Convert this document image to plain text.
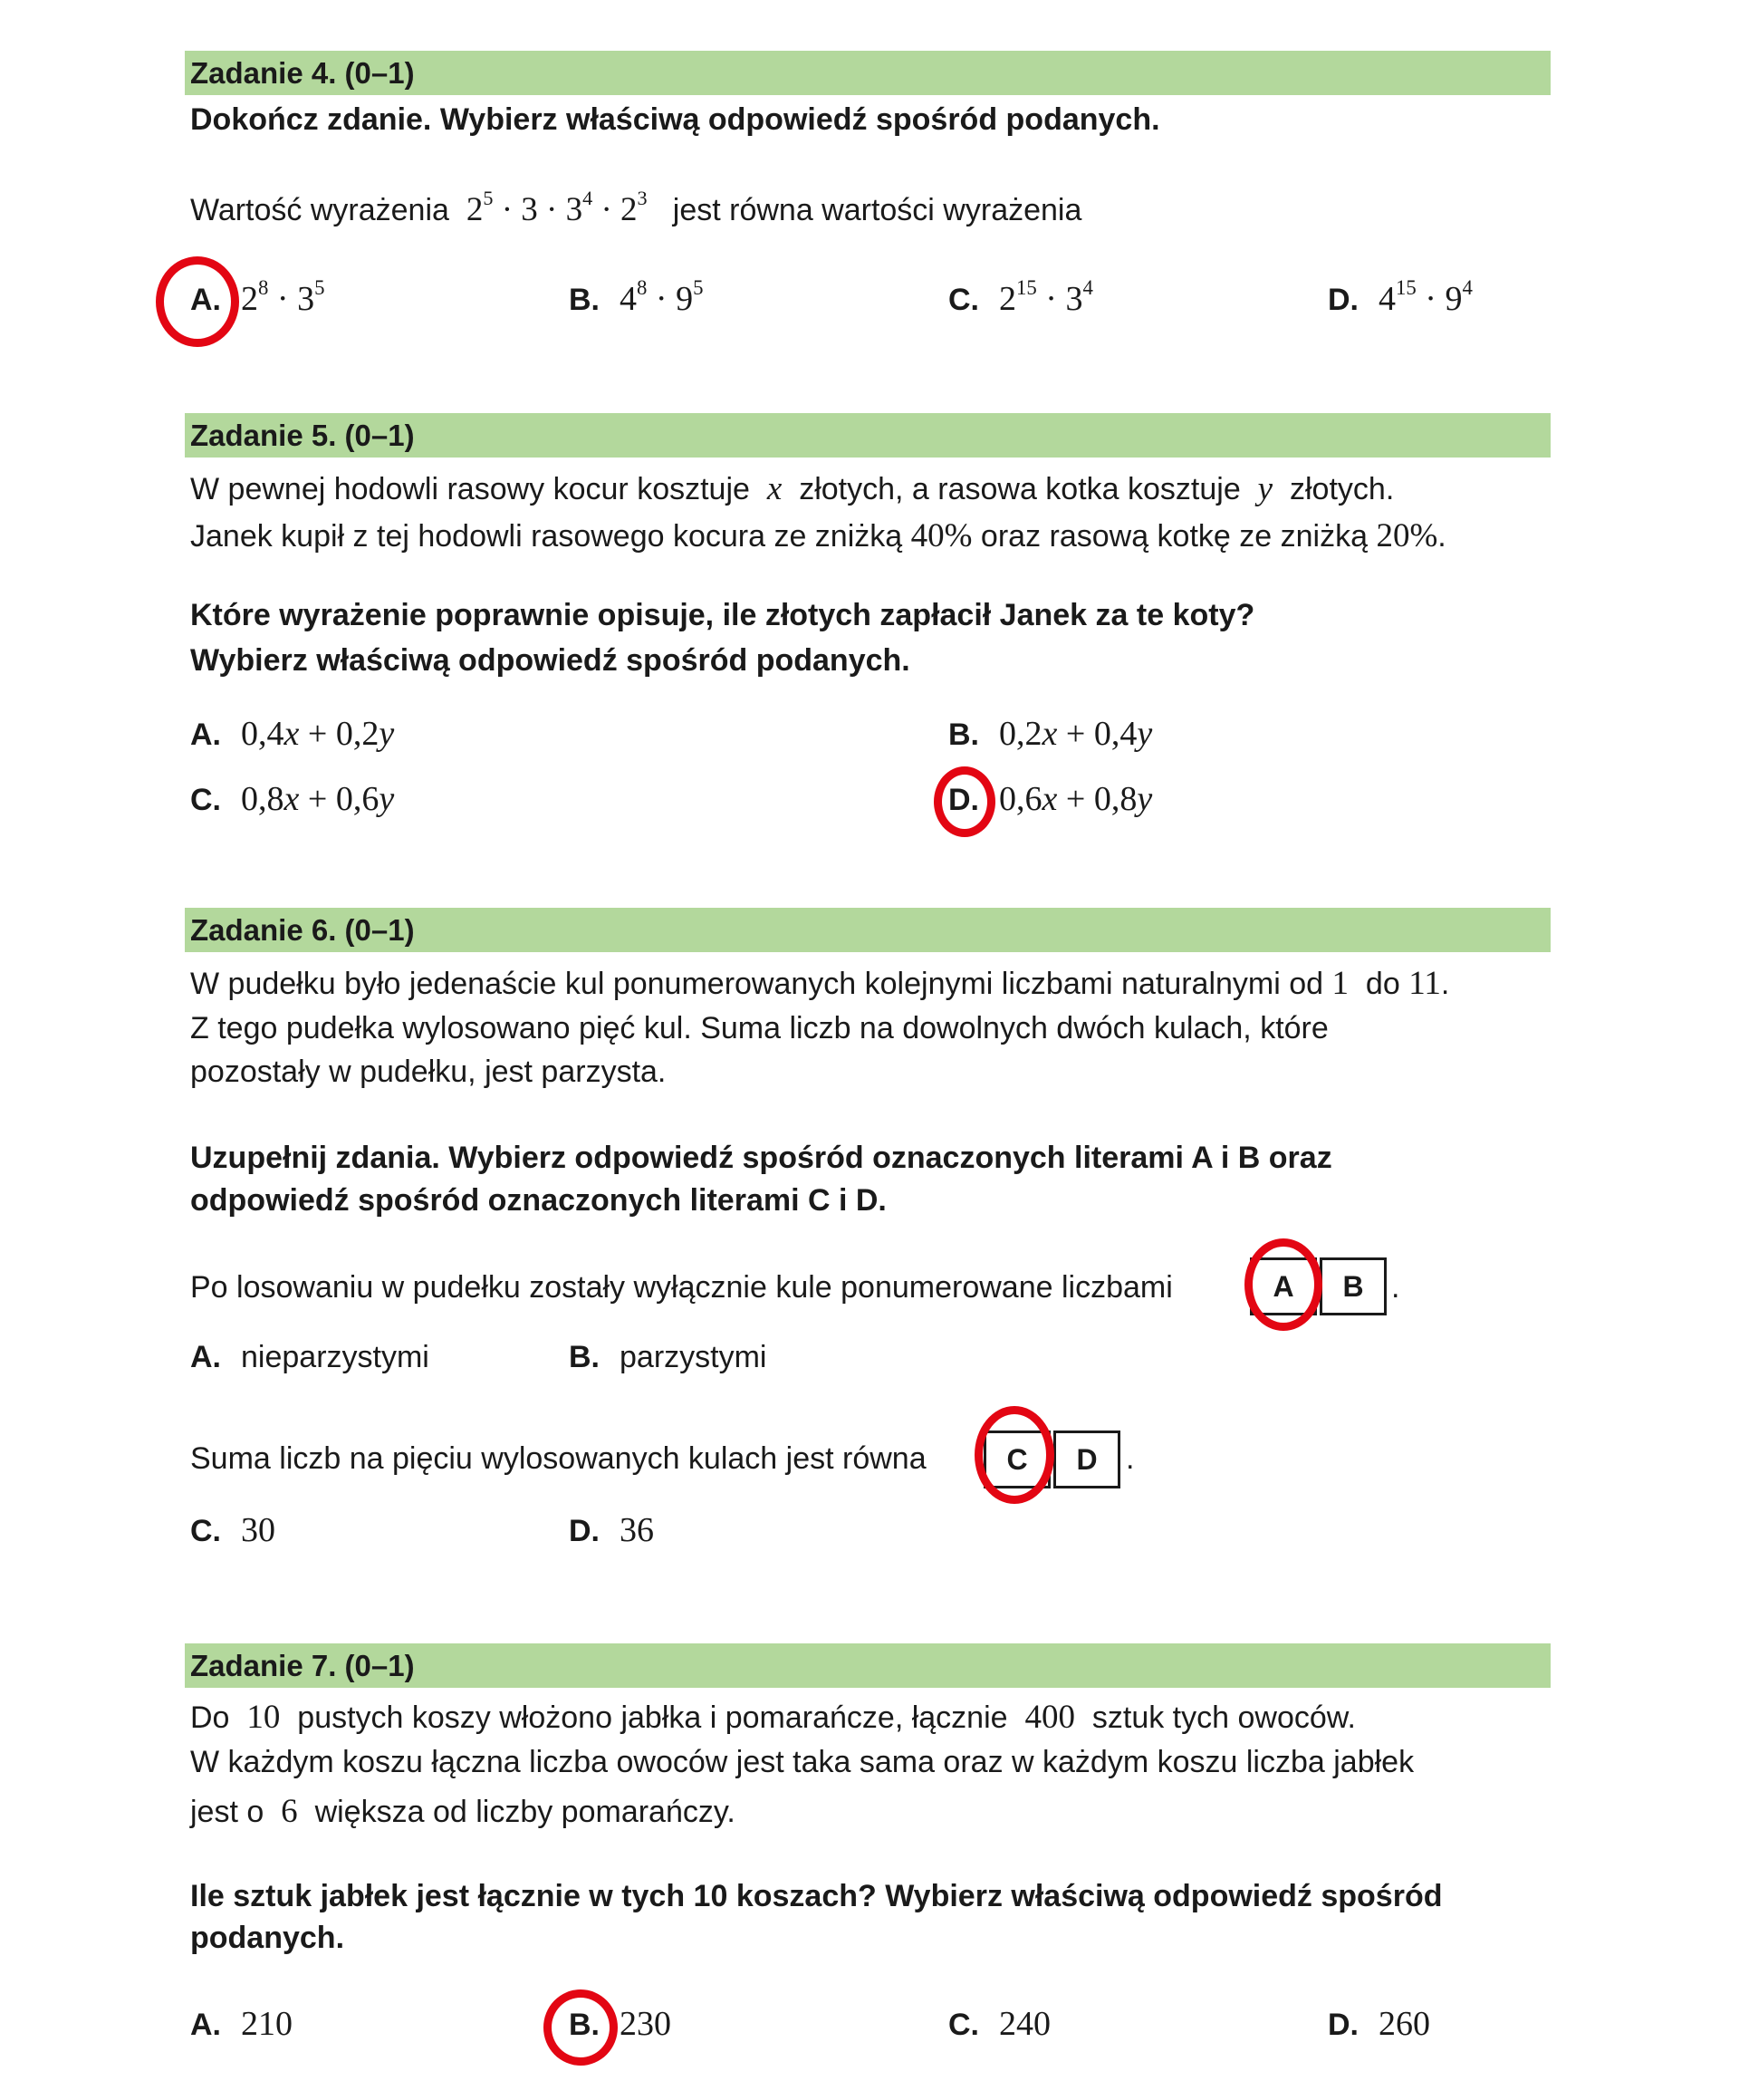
Zadanie 4. (0–1)
Dokończ zdanie. Wybierz właściwą odpowiedź spośród podanych.
Wartość wyrażenia $2^5 \cdot 3 \cdot 3^4 \cdot 2^3$ jest równa wartości wyrażenia
A. $2^8 \cdot 3^5$	B. $4^8 \cdot 9^5$	C. $2^{15} \cdot 3^4$	D. $4^{15} \cdot 9^4$
Zadanie 5. (0–1)
W pewnej hodowli rasowy kocur kosztuje x złotych, a rasowa kotka kosztuje y złotych.
Janek kupił z tej hodowli rasowego kocura ze zniżką 40% oraz rasową kotkę ze zniżką 20%.
Które wyrażenie poprawnie opisuje, ile złotych zapłacił Janek za te koty?
Wybierz właściwą odpowiedź spośród podanych.
A. 0,4x + 0,2y	B. 0,2x + 0,4y
C. 0,8x + 0,6y	D. 0,6x + 0,8y
Zadanie 6. (0–1)
W pudełku było jedenaście kul ponumerowanych kolejnymi liczbami naturalnymi od 1 do 11.
Z tego pudełka wylosowano pięć kul. Suma liczb na dowolnych dwóch kulach, które
pozostały w pudełku, jest parzysta.
Uzupełnij zdania. Wybierz odpowiedź spośród oznaczonych literami A i B oraz
odpowiedź spośród oznaczonych literami C i D.
Po losowaniu w pudełku zostały wyłącznie kule ponumerowane liczbami	A	B .
A. nieparzystymi	B. parzystymi
Suma liczb na pięciu wylosowanych kulach jest równa	C	D .
C. 30	D. 36
Zadanie 7. (0–1)
Do 10 pustych koszy włożono jabłka i pomarańcze, łącznie 400 sztuk tych owoców.
W każdym koszu łączna liczba owoców jest taka sama oraz w każdym koszu liczba jabłek
jest o 6 większa od liczby pomarańczy.
Ile sztuk jabłek jest łącznie w tych 10 koszach? Wybierz właściwą odpowiedź spośród
podanych.
A. 210	B. 230	C. 240	D. 260
